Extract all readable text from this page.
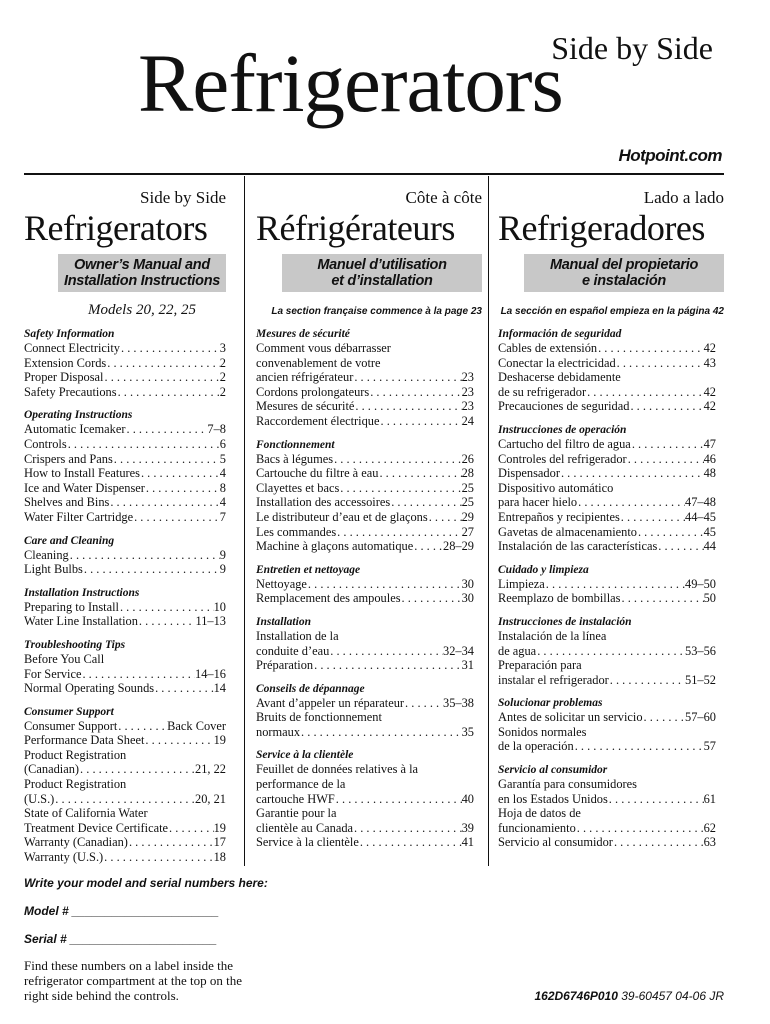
Side by Side
Refrigerators
Hotpoint.com
Side by Side
Refrigerators
Owner’s Manual and
Installation Instructions
Models 20, 22, 25
Côte à côte
Réfrigérateurs
Manuel d’utilisation
et d’installation
La section française commence à la page 23
Lado a lado
Refrigeradores
Manual del propietario
e instalación
La sección en español empieza en la página 42
Safety Information
Connect Electricity . . .	3
Extension Cords . . .	2
Proper Disposal . . .	2
Safety Precautions . . .	2
Operating Instructions
Automatic Icemaker . . .	7–8
Controls . . .	6
Crispers and Pans . . .	5
How to Install Features . . .	4
Ice and Water Dispenser . . .	8
Shelves and Bins . . .	4
Water Filter Cartridge . . .	7
Care and Cleaning
Cleaning . . .	9
Light Bulbs . . .	9
Installation Instructions
Preparing to Install . . .	10
Water Line Installation . . .	11–13
Troubleshooting Tips
Before You Call
For Service . . .	14–16
Normal Operating Sounds . . .	14
Consumer Support
Consumer Support . . .	Back Cover
Performance Data Sheet . . .	19
Product Registration
(Canadian) . . .	21, 22
Product Registration
(U.S.) . . .	20, 21
State of California Water
Treatment Device Certificate . . .	19
Warranty (Canadian) . . .	17
Warranty (U.S.) . . .	18
Mesures de sécurité
Comment vous débarrasser
convenablement de votre
ancien réfrigérateur . . .	23
Cordons prolongateurs . . .	23
Mesures de sécurité . . .	23
Raccordement électrique . . .	24
Fonctionnement
Bacs à légumes . . .	26
Cartouche du filtre à eau . . .	28
Clayettes et bacs . . .	25
Installation des accessoires . . .	25
Le distributeur d’eau et de glaçons . . .	29
Les commandes . . .	27
Machine à glaçons automatique . . . 28–29
Entretien et nettoyage
Nettoyage . . .	30
Remplacement des ampoules . . .	30
Installation
Installation de la
conduite d’eau . . .	32–34
Préparation . . .	31
Conseils de dépannage
Avant d’appeler un réparateur . . .	35–38
Bruits de fonctionnement
normaux . . .	35
Service à la clientèle
Feuillet de données relatives à la
performance de la
cartouche HWF . . .	40
Garantie pour la
clientèle au Canada . . .	39
Service à la clientèle . . .	41
Información de seguridad
Cables de extensión . . .	42
Conectar la electricidad . . .	43
Deshacerse debidamente
de su refrigerador . . .	42
Precauciones de seguridad . . .	42
Instrucciones de operación
Cartucho del filtro de agua . . .	47
Controles del refrigerador . . .	46
Dispensador . . .	48
Dispositivo automático
para hacer hielo . . .	47–48
Entrepaños y recipientes . . .	44–45
Gavetas de almacenamiento . . .	45
Instalación de las características . . .	44
Cuidado y limpieza
Limpieza . . .	49–50
Reemplazo de bombillas . . .	50
Instrucciones de instalación
Instalación de la línea
de agua . . .	53–56
Preparación para
instalar el refrigerador . . .	51–52
Solucionar problemas
Antes de solicitar un servicio . . .	57–60
Sonidos normales
de la operación . . .	57
Servicio al consumidor
Garantía para consumidores
en los Estados Unidos . . .	61
Hoja de datos de
funcionamiento . . .	62
Servicio al consumidor . . .	63
Write your model and serial numbers here:
Model # ______________________
Serial # ______________________
Find these numbers on a label inside the refrigerator compartment at the top on the right side behind the controls.	162D6746P010 39-60457 04-06 JR
